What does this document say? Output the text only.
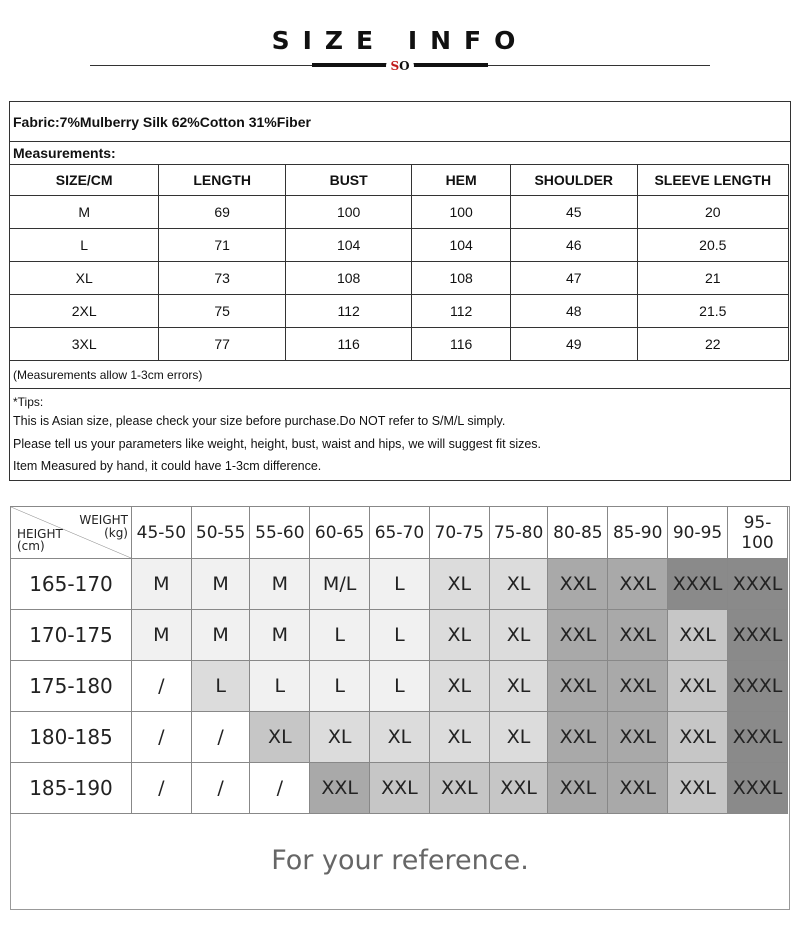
SIZE INFO
SO
Fabric:7%Mulberry Silk 62%Cotton 31%Fiber
Measurements:
SIZE/CM	LENGTH	BUST	HEM	SHOULDER	SLEEVE LENGTH
M	69	100	100	45	20
L	71	104	104	46	20.5
XL	73	108	108	47	21
2XL	75	112	112	48	21.5
3XL	77	116	116	49	22
(Measurements allow 1-3cm errors)
*Tips:
This is Asian size, please check your size before purchase.Do NOT refer to S/M/L simply.
Please tell us your parameters like weight, height, bust, waist and hips, we will suggest fit sizes.
Item Measured by hand, it could have 1-3cm difference.
WEIGHT
(kg)
HEIGHT
(cm)	45-50	50-55	55-60	60-65	65-70	70-75	75-80	80-85	85-90	90-95	95-100
165-170	M	M	M	M/L	L	XL	XL	XXL	XXL	XXXL	XXXL
170-175	M	M	M	L	L	XL	XL	XXL	XXL	XXL	XXXL
175-180	/	L	L	L	L	XL	XL	XXL	XXL	XXL	XXXL
180-185	/	/	XL	XL	XL	XL	XL	XXL	XXL	XXL	XXXL
185-190	/	/	/	XXL	XXL	XXL	XXL	XXL	XXL	XXL	XXXL
For your reference.
